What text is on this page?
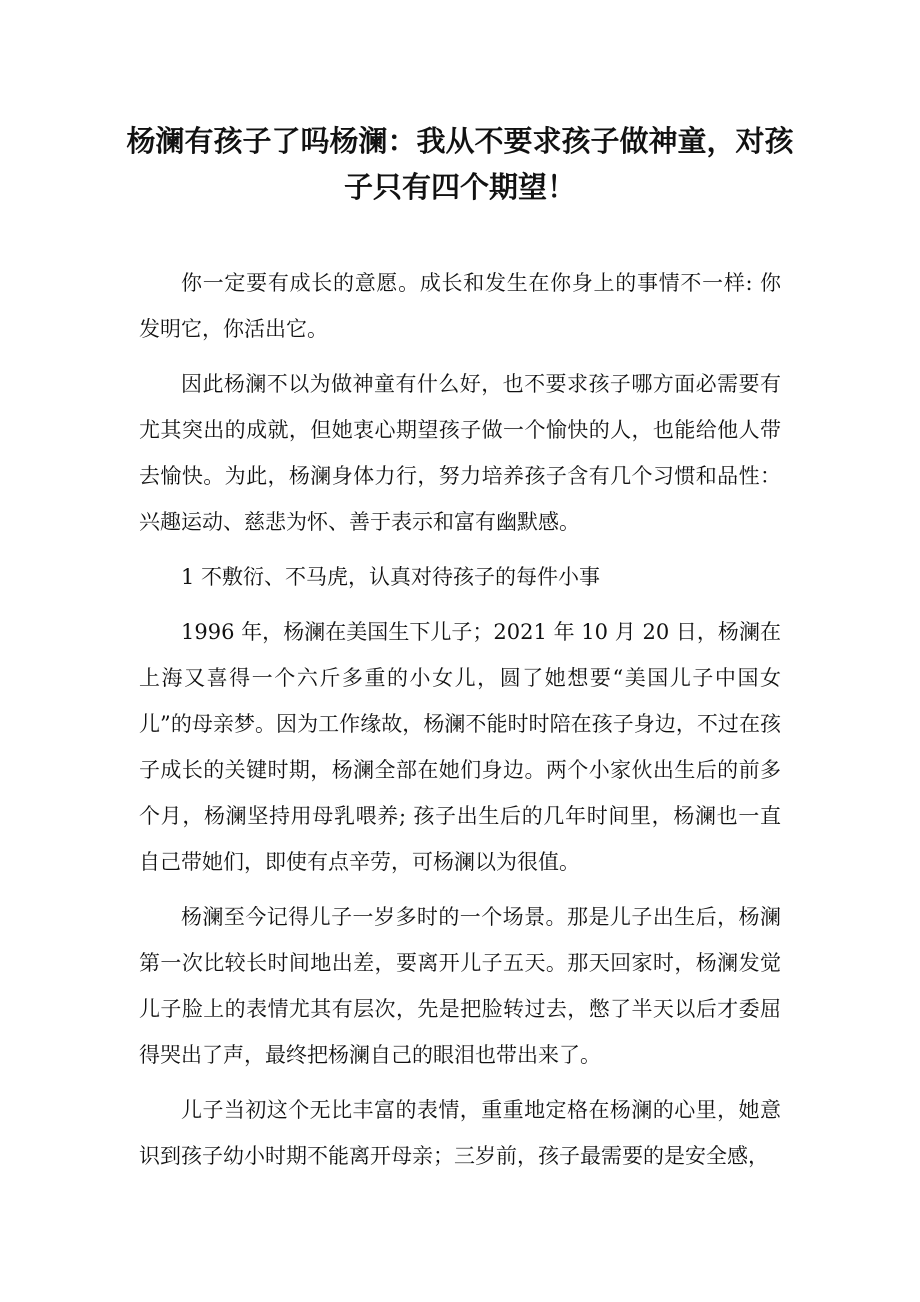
杨澜有孩子了吗杨澜：我从不要求孩子做神童，对孩子只有四个期望！

你一定要有成长的意愿。成长和发生在你身上的事情不一样: 你发明它，你活出它。

因此杨澜不以为做神童有什么好，也不要求孩子哪方面必需要有尤其突出的成就，但她衷心期望孩子做一个愉快的人，也能给他人带去愉快。为此，杨澜身体力行，努力培养孩子含有几个习惯和品性：兴趣运动、慈悲为怀、善于表示和富有幽默感。

1 不敷衍、不马虎，认真对待孩子的每件小事

1996 年，杨澜在美国生下儿子；2021 年 10 月 20 日，杨澜在上海又喜得一个六斤多重的小女儿，圆了她想要“美国儿子中国女儿”的母亲梦。因为工作缘故，杨澜不能时时陪在孩子身边，不过在孩子成长的关键时期，杨澜全部在她们身边。两个小家伙出生后的前多个月，杨澜坚持用母乳喂养; 孩子出生后的几年时间里，杨澜也一直自己带她们，即使有点辛劳，可杨澜以为很值。

杨澜至今记得儿子一岁多时的一个场景。那是儿子出生后，杨澜第一次比较长时间地出差，要离开儿子五天。那天回家时，杨澜发觉儿子脸上的表情尤其有层次，先是把脸转过去，憋了半天以后才委屈得哭出了声，最终把杨澜自己的眼泪也带出来了。

儿子当初这个无比丰富的表情，重重地定格在杨澜的心里，她意识到孩子幼小时期不能离开母亲；三岁前，孩子最需要的是安全感，
